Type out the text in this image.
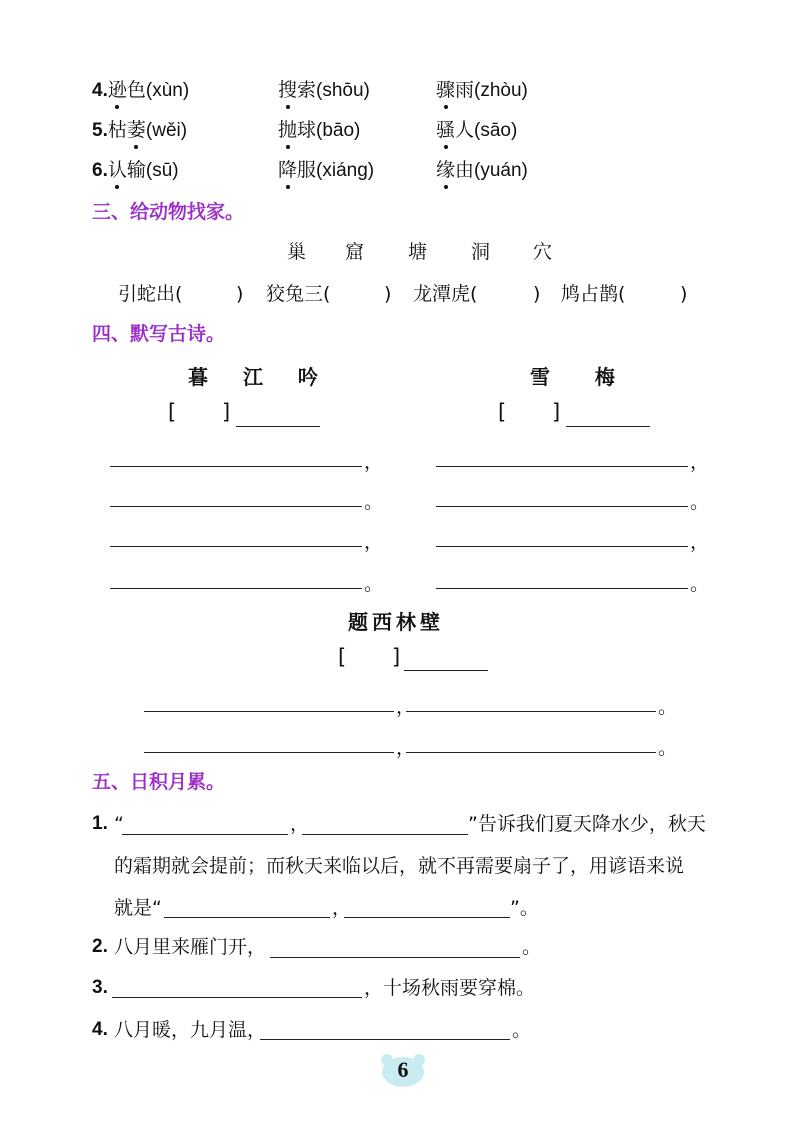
4.逊色(xùn)	搜索(shōu)	骤雨(zhòu)
5.枯萎(wěi)	抛球(bāo)	骚人(sāo)
6.认输(sū)	降服(xiáng)	缘由(yuán)
三、给动物找家。
巢 窟 塘 洞 穴
引蛇出(	) 狡兔三(	) 龙潭虎(	) 鸠占鹊(	)
四、默写古诗。
暮 江 吟
[ ]
，
。
，
。
雪   梅
[ ]
，
。
，
。
题西林壁
[ ]
，	。
，	。
五、日积月累。
1. “	，	”告诉我们夏天降水少，秋天
的霜期就会提前；而秋天来临以后，就不再需要扇子了，用谚语来说
就是“	，	”。
2. 八月里来雁门开，	。
3.	，十场秋雨要穿棉。
4. 八月暖，九月温，	。
6
